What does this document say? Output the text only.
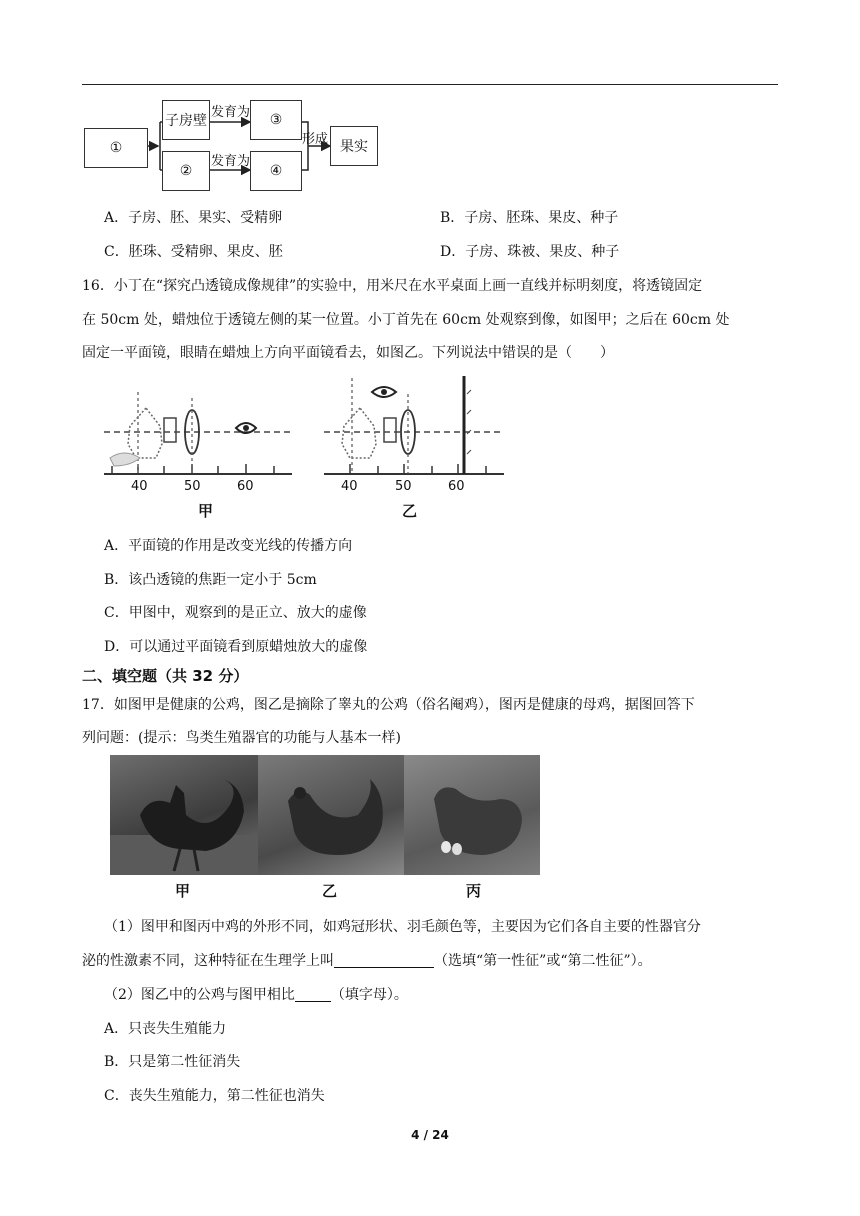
①
子房壁
②
③
④
果实
发育为
发育为
形成
A．子房、胚、果实、受精卵	B．子房、胚珠、果皮、种子
C．胚珠、受精卵、果皮、胚	D．子房、珠被、果皮、种子
16．小丁在“探究凸透镜成像规律”的实验中，用米尺在水平桌面上画一直线并标明刻度，将透镜固定
在 50cm 处，蜡烛位于透镜左侧的某一位置。小丁首先在 60cm 处观察到像，如图甲；之后在 60cm 处
固定一平面镜，眼睛在蜡烛上方向平面镜看去，如图乙。下列说法中错误的是（　　）
40	50	60
甲
40	50	60
乙
A．平面镜的作用是改变光线的传播方向
B．该凸透镜的焦距一定小于 5cm
C．甲图中，观察到的是正立、放大的虚像
D．可以通过平面镜看到原蜡烛放大的虚像
二、填空题（共 32 分）
17．如图甲是健康的公鸡，图乙是摘除了睾丸的公鸡（俗名阉鸡），图丙是健康的母鸡，据图回答下
列问题：(提示：鸟类生殖器官的功能与人基本一样)
甲	乙	丙
（1）图甲和图丙中鸡的外形不同，如鸡冠形状、羽毛颜色等，主要因为它们各自主要的性器官分
泌的性激素不同，这种特征在生理学上叫	（选填“第一性征”或“第二性征”）。
（2）图乙中的公鸡与图甲相比	（填字母）。
A．只丧失生殖能力
B．只是第二性征消失
C．丧失生殖能力，第二性征也消失
4 / 24
